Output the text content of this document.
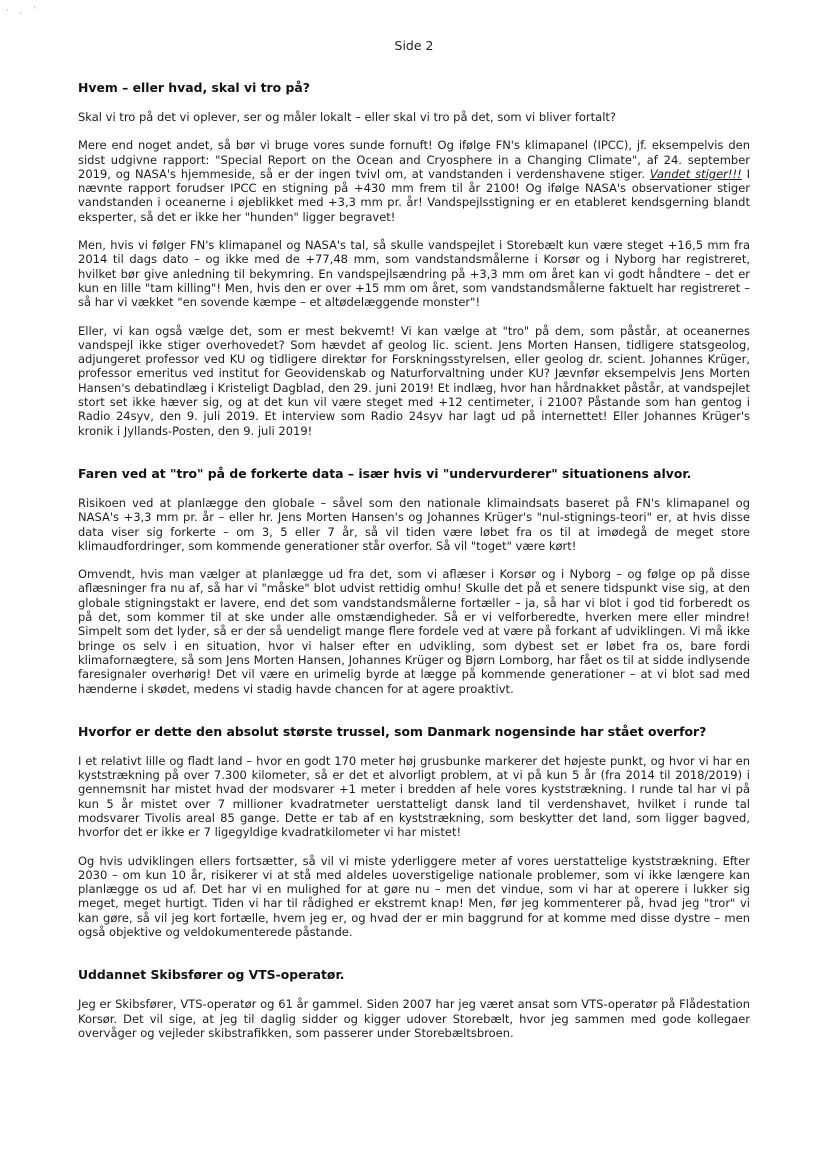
· ˌ ˈ
Side 2
Hvem – eller hvad, skal vi tro på?

Skal vi tro på det vi oplever, ser og måler lokalt – eller skal vi tro på det, som vi bliver fortalt?

Mere end noget andet, så bør vi bruge vores sunde fornuft! Og ifølge FN's klimapanel (IPCC), jf. eksempelvis den sidst udgivne rapport: "Special Report on the Ocean and Cryosphere in a Changing Climate", af 24. september 2019, og NASA's hjemmeside, så er der ingen tvivl om, at vandstanden i verdenshavene stiger. Vandet stiger!!! I nævnte rapport forudser IPCC en stigning på +430 mm frem til år 2100! Og ifølge NASA's observationer stiger vandstanden i oceanerne i øjeblikket med +3,3 mm pr. år! Vandspejlsstigning er en etableret kendsgerning blandt eksperter, så det er ikke her "hunden" ligger begravet!

Men, hvis vi følger FN's klimapanel og NASA's tal, så skulle vandspejlet i Storebælt kun være steget +16,5 mm fra 2014 til dags dato – og ikke med de +77,48 mm, som vandstandsmålerne i Korsør og i Nyborg har registreret, hvilket bør give anledning til bekymring. En vandspejlsændring på +3,3 mm om året kan vi godt håndtere – det er kun en lille "tam killing"! Men, hvis den er over +15 mm om året, som vandstandsmålerne faktuelt har registreret – så har vi vækket "en sovende kæmpe – et altødelæggende monster"!

Eller, vi kan også vælge det, som er mest bekvemt! Vi kan vælge at "tro" på dem, som påstår, at oceanernes vandspejl ikke stiger overhovedet? Som hævdet af geolog lic. scient. Jens Morten Hansen, tidligere statsgeolog, adjungeret professor ved KU og tidligere direktør for Forskningsstyrelsen, eller geolog dr. scient. Johannes Krüger, professor emeritus ved institut for Geovidenskab og Naturforvaltning under KU? Jævnfør eksempelvis Jens Morten Hansen's debatindlæg i Kristeligt Dagblad, den 29. juni 2019! Et indlæg, hvor han hårdnakket påstår, at vandspejlet stort set ikke hæver sig, og at det kun vil være steget med +12 centimeter, i 2100? Påstande som han gentog i Radio 24syv, den 9. juli 2019. Et interview som Radio 24syv har lagt ud på internettet! Eller Johannes Krüger's kronik i Jyllands-Posten, den 9. juli 2019!

Faren ved at "tro" på de forkerte data – især hvis vi "undervurderer" situationens alvor.

Risikoen ved at planlægge den globale – såvel som den nationale klimaindsats baseret på FN's klimapanel og NASA's +3,3 mm pr. år – eller hr. Jens Morten Hansen's og Johannes Krüger's "nul-stignings-teori" er, at hvis disse data viser sig forkerte – om 3, 5 eller 7 år, så vil tiden være løbet fra os til at imødegå de meget store klimaudfordringer, som kommende generationer står overfor. Så vil "toget" være kørt!

Omvendt, hvis man vælger at planlægge ud fra det, som vi aflæser i Korsør og i Nyborg – og følge op på disse aflæsninger fra nu af, så har vi "måske" blot udvist rettidig omhu! Skulle det på et senere tidspunkt vise sig, at den globale stigningstakt er lavere, end det som vandstandsmålerne fortæller – ja, så har vi blot i god tid forberedt os på det, som kommer til at ske under alle omstændigheder. Så er vi velforberedte, hverken mere eller mindre! Simpelt som det lyder, så er der så uendeligt mange flere fordele ved at være på forkant af udviklingen. Vi må ikke bringe os selv i en situation, hvor vi halser efter en udvikling, som dybest set er løbet fra os, bare fordi klimafornægtere, så som Jens Morten Hansen, Johannes Krüger og Bjørn Lomborg, har fået os til at sidde indlysende faresignaler overhørig! Det vil være en urimelig byrde at lægge på kommende generationer – at vi blot sad med hænderne i skødet, medens vi stadig havde chancen for at agere proaktivt.

Hvorfor er dette den absolut største trussel, som Danmark nogensinde har stået overfor?

I et relativt lille og fladt land – hvor en godt 170 meter høj grusbunke markerer det højeste punkt, og hvor vi har en kyststrækning på over 7.300 kilometer, så er det et alvorligt problem, at vi på kun 5 år (fra 2014 til 2018/2019) i gennemsnit har mistet hvad der modsvarer +1 meter i bredden af hele vores kyststrækning. I runde tal har vi på kun 5 år mistet over 7 millioner kvadratmeter uerstatteligt dansk land til verdenshavet, hvilket i runde tal modsvarer Tivolis areal 85 gange. Dette er tab af en kyststrækning, som beskytter det land, som ligger bagved, hvorfor det er ikke er 7 ligegyldige kvadratkilometer vi har mistet!

Og hvis udviklingen ellers fortsætter, så vil vi miste yderliggere meter af vores uerstattelige kyststrækning. Efter 2030 – om kun 10 år, risikerer vi at stå med aldeles uoverstigelige nationale problemer, som vi ikke længere kan planlægge os ud af. Det har vi en mulighed for at gøre nu – men det vindue, som vi har at operere i lukker sig meget, meget hurtigt. Tiden vi har til rådighed er ekstremt knap! Men, før jeg kommenterer på, hvad jeg "tror" vi kan gøre, så vil jeg kort fortælle, hvem jeg er, og hvad der er min baggrund for at komme med disse dystre – men også objektive og veldokumenterede påstande.

Uddannet Skibsfører og VTS-operatør.

Jeg er Skibsfører, VTS-operatør og 61 år gammel. Siden 2007 har jeg været ansat som VTS-operatør på Flådestation Korsør. Det vil sige, at jeg til daglig sidder og kigger udover Storebælt, hvor jeg sammen med gode kollegaer overvåger og vejleder skibstrafikken, som passerer under Storebæltsbroen.
